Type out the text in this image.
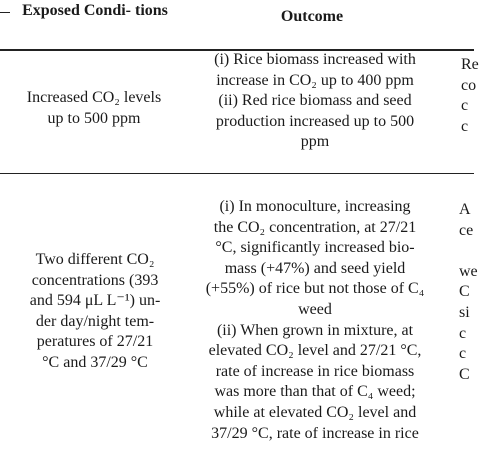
Exposed Condi- tions	Outcome
Increased CO₂ levels
up to 500 ppm
(i) Rice biomass increased with
increase in CO₂ up to 400 ppm
(ii) Red rice biomass and seed
production increased up to 500
ppm
Re
co
c
c
Two different CO₂
concentrations (393
and 594 μL L⁻¹) un-
der day/night tem-
peratures of 27/21
°C and 37/29 °C
(i) In monoculture, increasing
the CO₂ concentration, at 27/21
°C, significantly increased bio-
mass (+47%) and seed yield
(+55%) of rice but not those of C₄
weed
(ii) When grown in mixture, at
elevated CO₂ level and 27/21 °C,
rate of increase in rice biomass
was more than that of C₄ weed;
while at elevated CO₂ level and
37/29 °C, rate of increase in rice
A
ce

we
C
si
c
c
C
